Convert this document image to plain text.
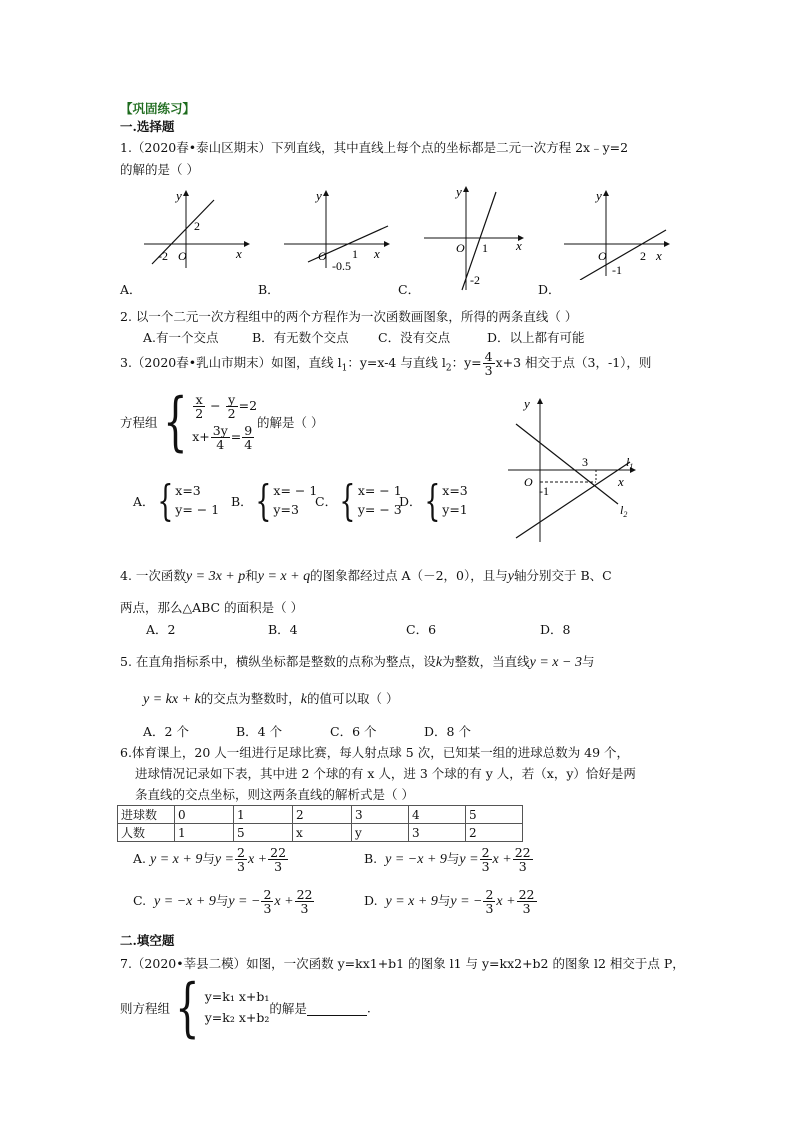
【巩固练习】
一.选择题
1.（2020春•泰山区期末）下列直线，其中直线上每个点的坐标都是二元一次方程 2x﹣y=2
的解的是（ ）
y
x
O
2
-2
A．
y
x
O 1
-0.5
B．
y
x
O 1
-2
C．
y
x
O	2
-1
D．
2. 以一个二元一次方程组中的两个方程作为一次函数画图象，所得的两条直线（ ）
A.有一个交点	B．有无数个交点 C．没有交点	D．以上都有可能
3.（2020春•乳山市期末）如图，直线 $l_1$：y=x-4 与直线 $l_2$：$y= \frac{4}{3} x+3$ 相交于点（3，-1），则
方程组{ $\frac{x}{2} - \frac{y}{2} =2$
$x+ \frac{3y}{4} = \frac{9}{4}$
的解是（ ）
A．{ x=3
y= − 1
B．{ x= − 1
y=3
C．{ x= − 1
y= − 3
D．{ x=3
y=1
y
x
O
3
-1
$l_1$
$l_2$
4. 一次函数y = 3x + p和y = x + q的图象都经过点 A（－2，0），且与y轴分别交于 B、C
两点，那么△ABC 的面积是（ ）
A．2	B．4	C．6	D．8
5. 在直角指标系中，横纵坐标都是整数的点称为整点，设k为整数，当直线y = x − 3与
y = kx + k的交点为整数时，k的值可以取（ ）
A．2 个	B．4 个	C．6 个	D．8 个
6.体育课上，20 人一组进行足球比赛，每人射点球 5 次，已知某一组的进球总数为 49 个，
进球情况记录如下表，其中进 2 个球的有 x 人，进 3 个球的有 y 人，若（x，y）恰好是两
条直线的交点坐标，则这两条直线的解析式是（ ）
进球数	0	1	2	3	4	5
人数	1	5	x	y	3	2
A. y = x + 9与$y = \frac{2}{3}$ $x + \frac{22}{3}$	B. y = −x + 9与$y = \frac{2}{3}$ $x + \frac{22}{3}$
C. y = −x + 9与y = − $\frac{2}{3}$ $x + \frac{22}{3}$	D. y = x + 9与y = − $\frac{2}{3}$ $x + \frac{22}{3}$
二.填空题
7.（2020•莘县二模）如图，一次函数 y=kx1+b1 的图象 l1 与 y=kx2+b2 的图象 l2 相交于点 P，
则方程组{ y=k₁ x+b₁
y=k₂ x+b₂
的解是	.
